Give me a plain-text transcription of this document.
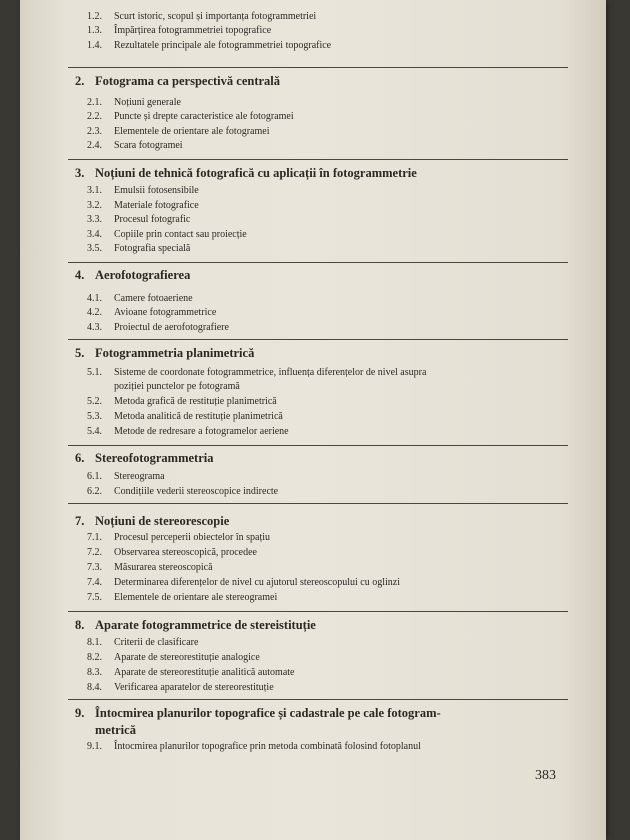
1.2. Scurt istoric, scopul și importanța fotogrammetriei
1.3. Împărțirea fotogrammetriei topografice
1.4. Rezultatele principale ale fotogrammetriei topografice
2. Fotograma ca perspectivă centrală
2.1. Noțiuni generale
2.2. Puncte și drepte caracteristice ale fotogramei
2.3. Elementele de orientare ale fotogramei
2.4. Scara fotogramei
3. Noțiuni de tehnică fotografică cu aplicații în fotogrammetrie
3.1. Emulsii fotosensibile
3.2. Materiale fotografice
3.3. Procesul fotografic
3.4. Copiile prin contact sau proiecție
3.5. Fotografia specială
4. Aerofotografierea
4.1. Camere fotoaeriene
4.2. Avioane fotogrammetrice
4.3. Proiectul de aerofotografiere
5. Fotogrammetria planimetrică
5.1. Sisteme de coordonate fotogrammetrice, influența diferențelor de nivel asupra
poziției punctelor pe fotogramă
5.2. Metoda grafică de restituție planimetrică
5.3. Metoda analitică de restituție planimetrică
5.4. Metode de redresare a fotogramelor aeriene
6. Stereofotogrammetria
6.1. Stereograma
6.2. Condițiile vederii stereoscopice indirecte
7. Noțiuni de stereorescopie
7.1. Procesul perceperii obiectelor în spațiu
7.2. Observarea stereoscopică, procedee
7.3. Măsurarea stereoscopică
7.4. Determinarea diferențelor de nivel cu ajutorul stereoscopului cu oglinzi
7.5. Elementele de orientare ale stereogramei
8. Aparate fotogrammetrice de stereistituție
8.1. Criterii de clasificare
8.2. Aparate de stereorestituție analogice
8.3. Aparate de stereorestituție analitică automate
8.4. Verificarea aparatelor de stereorestituție
9. Întocmirea planurilor topografice și cadastrale pe cale fotogram-
metrică
9.1. Întocmirea planurilor topografice prin metoda combinată folosind fotoplanul
383
